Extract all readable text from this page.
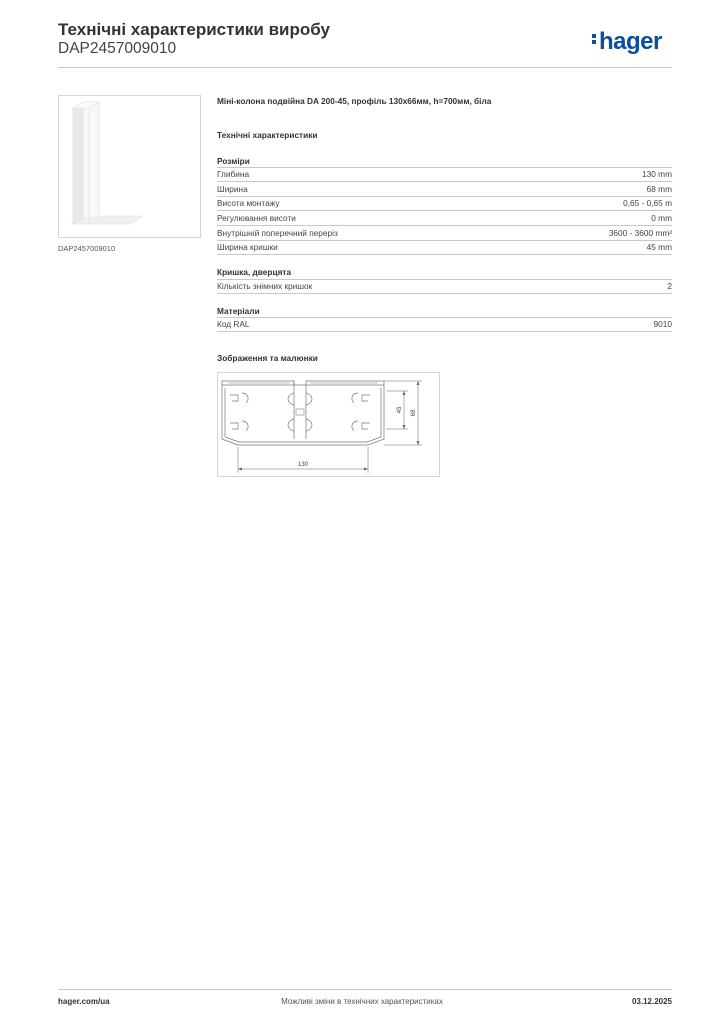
Технічні характеристики виробу
DAP2457009010	hager
DAP2457009010
Міні-колона подвійна DA 200-45, профіль 130х66мм, h=700мм, біла
Технічні характеристики
Розміри
Глибина	130 mm
Ширина	68 mm
Висота монтажу	0,65 - 0,65 m
Регулювання висоти	0 mm
Внутрішній поперечний переріз	3600 - 3600 mm²
Ширина кришки	45 mm
Кришка, дверцята
Кількість знімних кришок	2
Матеріали
Код RAL	9010
Зображення та малюнки
130
45 68
hager.com/ua	Можливі зміни в технічних характеристиках	03.12.2025
